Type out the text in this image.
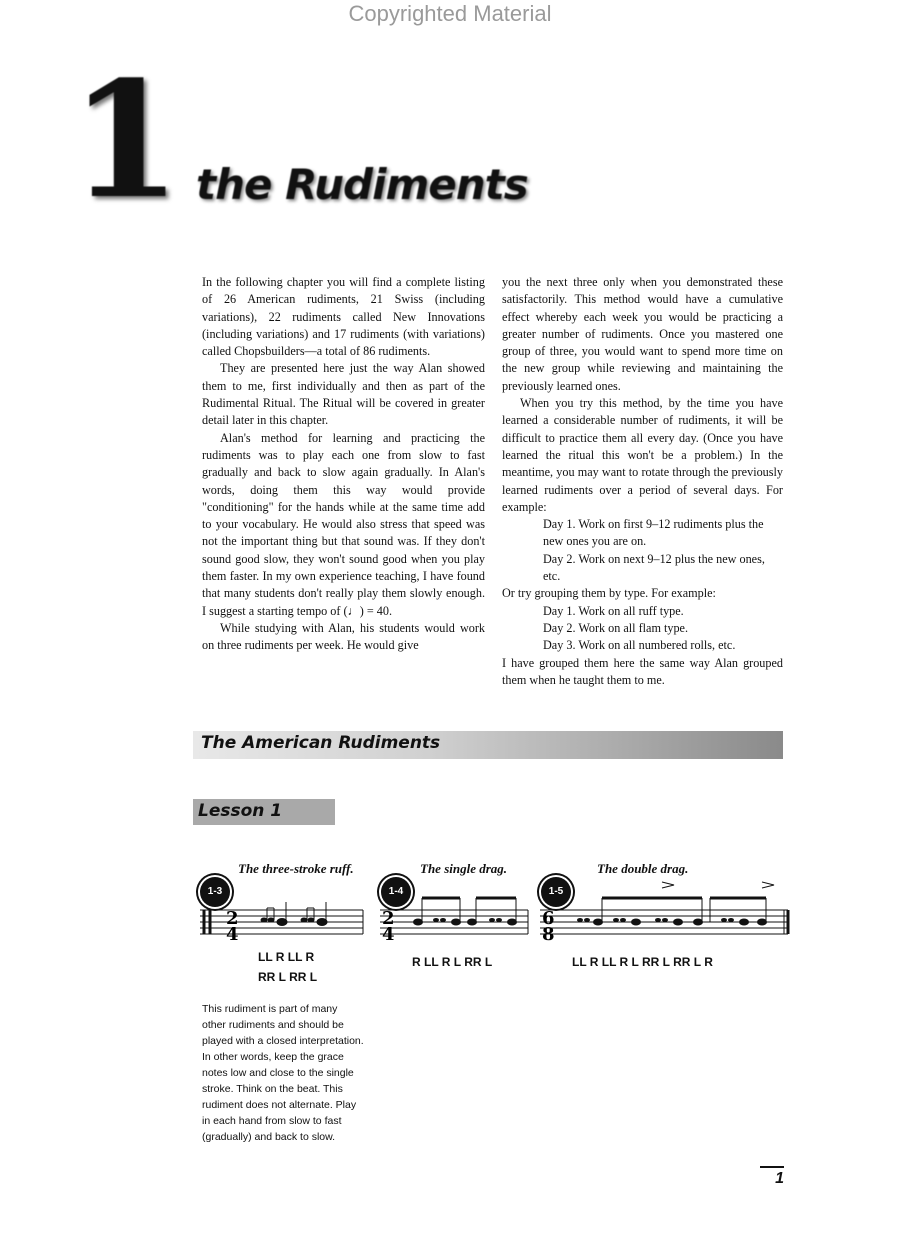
Copyrighted Material
1 the Rudiments

In the following chapter you will find a complete listing of 26 American rudiments, 21 Swiss (including variations), 22 rudiments called New Innovations (including variations) and 17 rudiments (with variations) called Chopsbuilders—a total of 86 rudiments.

They are presented here just the way Alan showed them to me, first individually and then as part of the Rudimental Ritual. The Ritual will be covered in greater detail later in this chapter.

Alan's method for learning and practicing the rudiments was to play each one from slow to fast gradually and back to slow again gradually. In Alan's words, doing them this way would provide "conditioning" for the hands while at the same time add to your vocabulary. He would also stress that speed was not the important thing but that sound was. If they don't sound good slow, they won't sound good when you play them faster. In my own experience teaching, I have found that many students don't really play them slowly enough. I suggest a starting tempo of (♩) = 40.

While studying with Alan, his students would work on three rudiments per week. He would give

you the next three only when you demonstrated these satisfactorily. This method would have a cumulative effect whereby each week you would be practicing a greater number of rudiments. Once you mastered one group of three, you would want to spend more time on the new group while reviewing and maintaining the previously learned ones.

When you try this method, by the time you have learned a considerable number of rudiments, it will be difficult to practice them all every day. (Once you have learned the ritual this won't be a problem.) In the meantime, you may want to rotate through the previously learned rudiments over a period of several days. For example:

Day 1. Work on first 9–12 rudiments plus the new ones you are on.

Day 2. Work on next 9–12 plus the new ones, etc.

Or try grouping them by type. For example:

Day 1. Work on all ruff type.

Day 2. Work on all flam type.

Day 3. Work on all numbered rolls, etc.

I have grouped them here the same way Alan grouped them when he taught them to me.

The American Rudiments
Lesson 1
The three-stroke ruff.
1-3
2
4
LL R LL R
RR L RR L
The single drag.
1-4
2
4
R LL R L RR L
The double drag.
1-5
6
8
LL R LL R L RR L RR L R
This rudiment is part of many other rudiments and should be played with a closed interpretation. In other words, keep the grace notes low and close to the single stroke. Think on the beat. This rudiment does not alternate. Play in each hand from slow to fast (gradually) and back to slow.
1
